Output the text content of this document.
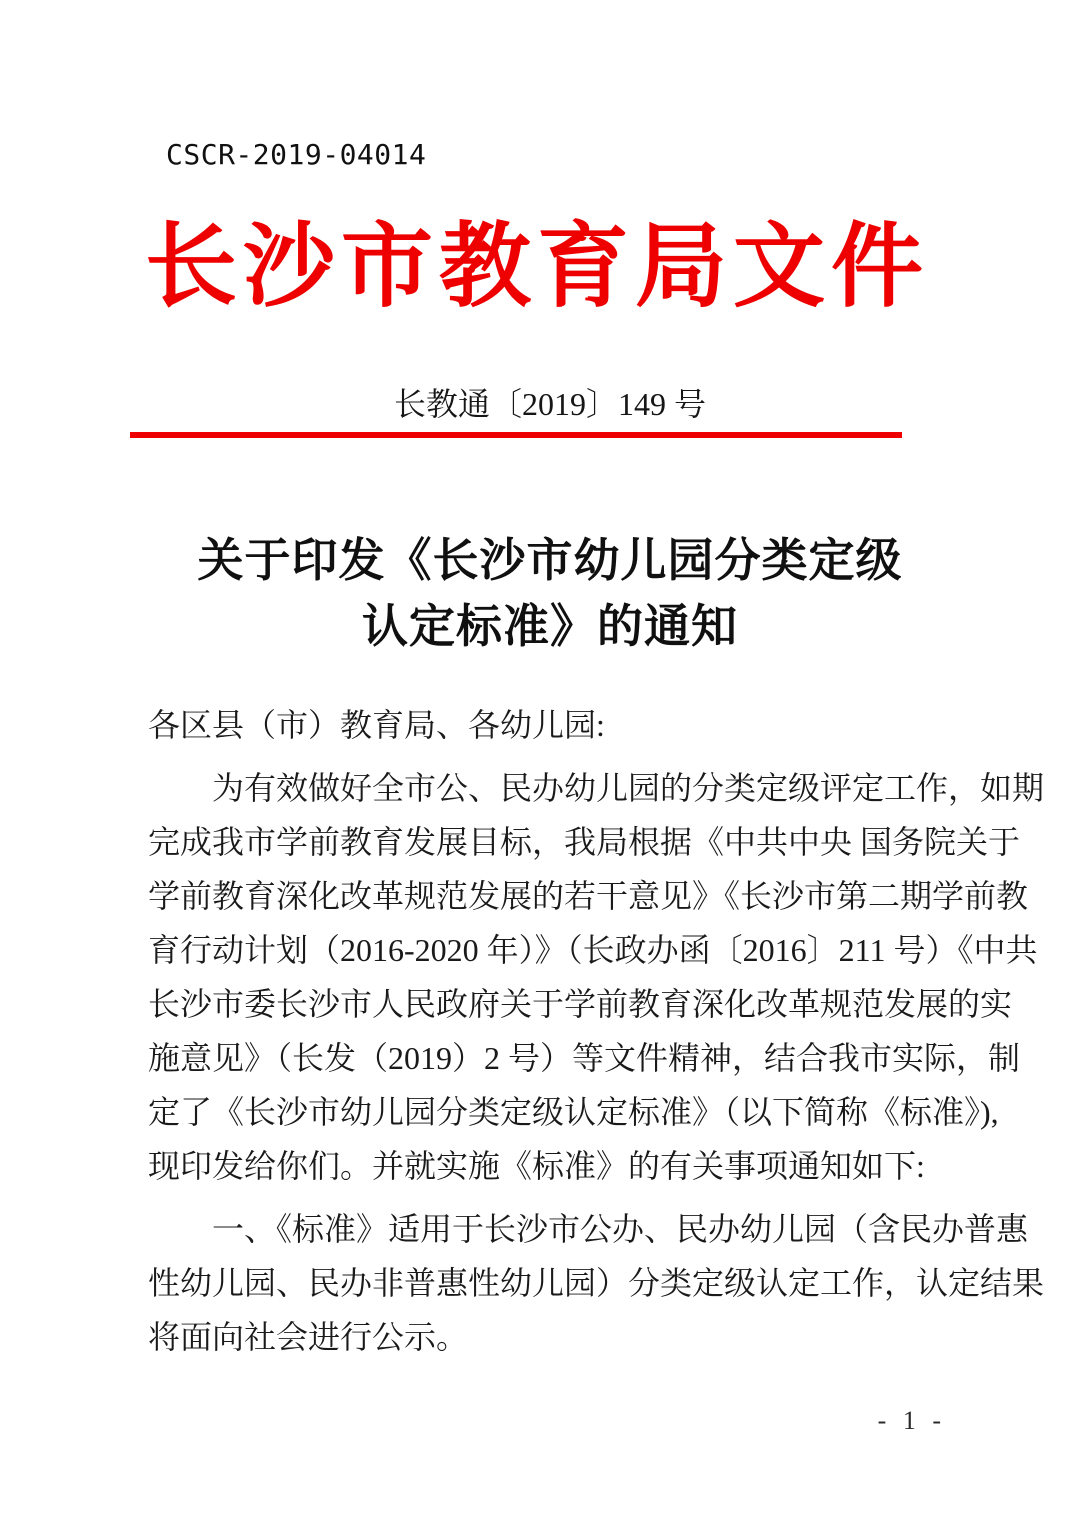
CSCR-2019-04014
长沙市教育局文件
长教通〔2019〕149 号
关于印发《长沙市幼儿园分类定级
认定标准》的通知
各区县（市）教育局、各幼儿园:
为有效做好全市公、民办幼儿园的分类定级评定工作，如期
完成我市学前教育发展目标，我局根据《中共中央 国务院关于
学前教育深化改革规范发展的若干意见》《长沙市第二期学前教
育行动计划（2016-2020 年）》（长政办函〔2016〕211 号）《中共
长沙市委长沙市人民政府关于学前教育深化改革规范发展的实
施意见》（长发（2019）2 号）等文件精神，结合我市实际，制
定了《长沙市幼儿园分类定级认定标准》（以下简称《标准》),
现印发给你们。并就实施《标准》的有关事项通知如下:
一、《标准》适用于长沙市公办、民办幼儿园（含民办普惠
性幼儿园、民办非普惠性幼儿园）分类定级认定工作，认定结果
将面向社会进行公示。
- 1 -
